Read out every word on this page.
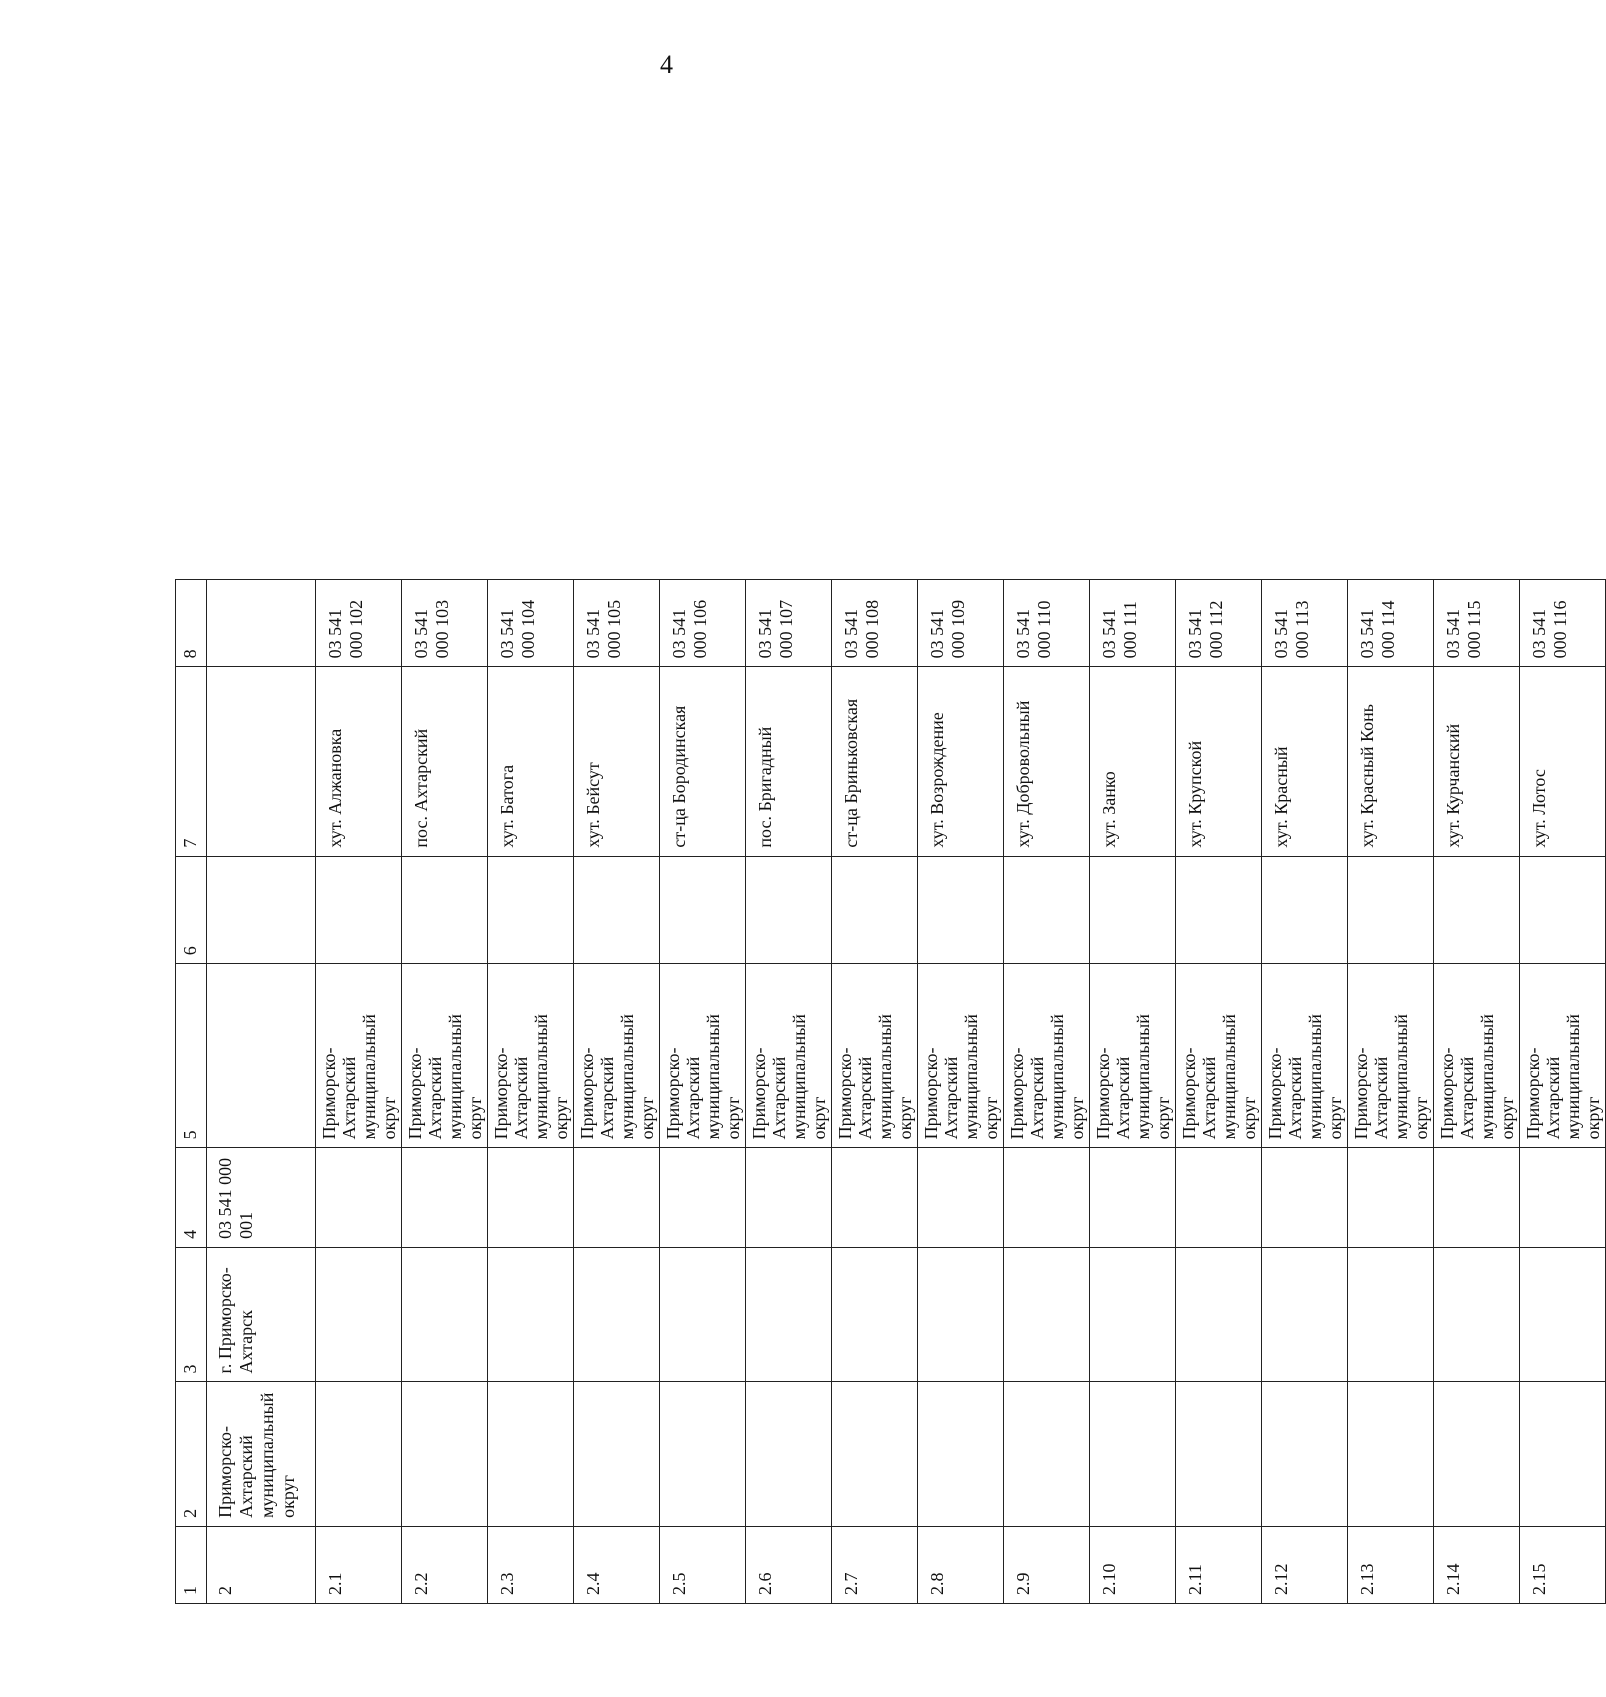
4
1	2	3	4	5	6	7	8
2	Приморско-Ахтарский муниципальный округ	г. Приморско-Ахтарск	03 541 000 001				
2.1				Приморско-Ахтарский муниципальный округ		хут. Алжановка	03 541 000 102
2.2				Приморско-Ахтарский муниципальный округ		пос. Ахтарский	03 541 000 103
2.3				Приморско-Ахтарский муниципальный округ		хут. Батога	03 541 000 104
2.4				Приморско-Ахтарский муниципальный округ		хут. Бейсут	03 541 000 105
2.5				Приморско-Ахтарский муниципальный округ		ст-ца Бородинская	03 541 000 106
2.6				Приморско-Ахтарский муниципальный округ		пос. Бригадный	03 541 000 107
2.7				Приморско-Ахтарский муниципальный округ		ст-ца Бриньковская	03 541 000 108
2.8				Приморско-Ахтарский муниципальный округ		хут. Возрождение	03 541 000 109
2.9				Приморско-Ахтарский муниципальный округ		хут. Добровольный	03 541 000 110
2.10				Приморско-Ахтарский муниципальный округ		хут. Занко	03 541 000 111
2.11				Приморско-Ахтарский муниципальный округ		хут. Крупской	03 541 000 112
2.12				Приморско-Ахтарский муниципальный округ		хут. Красный	03 541 000 113
2.13				Приморско-Ахтарский муниципальный округ		хут. Красный Конь	03 541 000 114
2.14				Приморско-Ахтарский муниципальный округ		хут. Курчанский	03 541 000 115
2.15				Приморско-Ахтарский муниципальный округ		хут. Лотос	03 541 000 116
